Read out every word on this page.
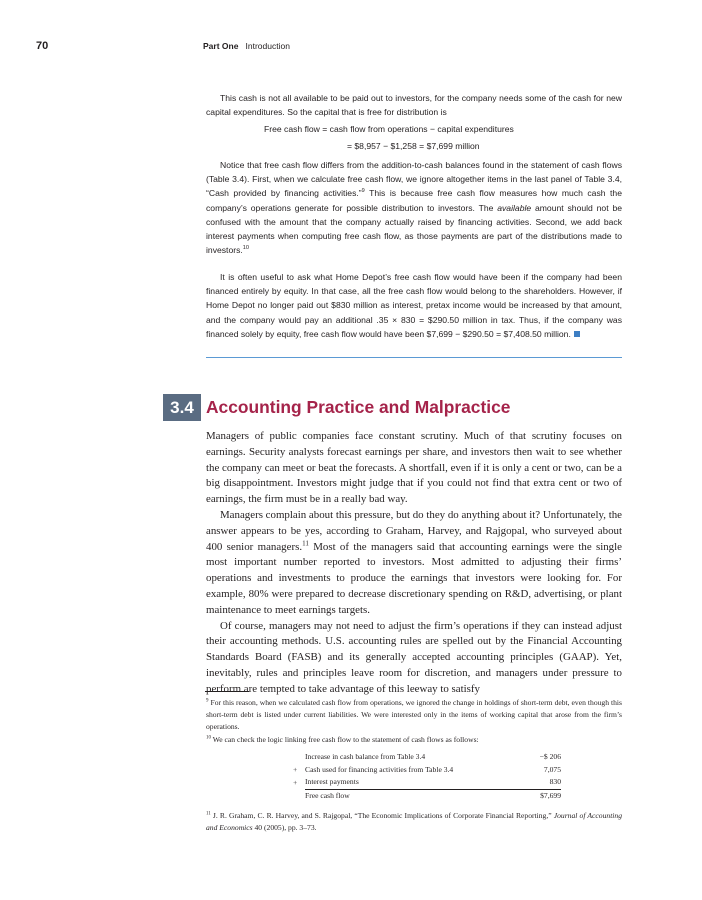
70	Part One Introduction
This cash is not all available to be paid out to investors, for the company needs some of the cash for new capital expenditures. So the capital that is free for distribution is
Free cash flow = cash flow from operations − capital expenditures
= $8,957 − $1,258 = $7,699 million
Notice that free cash flow differs from the addition-to-cash balances found in the statement of cash flows (Table 3.4). First, when we calculate free cash flow, we ignore altogether items in the last panel of Table 3.4, “Cash provided by financing activities.”$^9$ This is because free cash flow measures how much cash the company’s operations generate for possible distribution to investors. The available amount should not be confused with the amount that the company actually raised by financing activities. Second, we add back interest payments when computing free cash flow, as those payments are part of the distributions made to investors.$^{10}$
It is often useful to ask what Home Depot’s free cash flow would have been if the company had been financed entirely by equity. In that case, all the free cash flow would belong to the shareholders. However, if Home Depot no longer paid out $830 million as interest, pretax income would be increased by that amount, and the company would pay an additional .35 × 830 = $290.50 million in tax. Thus, if the company was financed solely by equity, free cash flow would have been $7,699 − $290.50 = $7,408.50 million.
3.4 Accounting Practice and Malpractice
Managers of public companies face constant scrutiny. Much of that scrutiny focuses on earnings. Security analysts forecast earnings per share, and investors then wait to see whether the company can meet or beat the forecasts. A shortfall, even if it is only a cent or two, can be a big disappointment. Investors might judge that if you could not find that extra cent or two of earnings, the firm must be in a really bad way.
Managers complain about this pressure, but do they do anything about it? Unfortunately, the answer appears to be yes, according to Graham, Harvey, and Rajgopal, who surveyed about 400 senior managers.$^{11}$ Most of the managers said that accounting earnings were the single most important number reported to investors. Most admitted to adjusting their firms’ operations and investments to produce the earnings that investors were looking for. For example, 80% were prepared to decrease discretionary spending on R&D, advertising, or plant maintenance to meet earnings targets.
Of course, managers may not need to adjust the firm’s operations if they can instead adjust their accounting methods. U.S. accounting rules are spelled out by the Financial Accounting Standards Board (FASB) and its generally accepted accounting principles (GAAP). Yet, inevitably, rules and principles leave room for discretion, and managers under pressure to perform are tempted to take advantage of this leeway to satisfy
$^9$ For this reason, when we calculated cash flow from operations, we ignored the change in holdings of short-term debt, even though this short-term debt is listed under current liabilities. We were interested only in the items of working capital that arose from the firm’s operations.
$^{10}$ We can check the logic linking free cash flow to the statement of cash flows as follows:
	Increase in cash balance from Table 3.4	−$ 206
+	Cash used for financing activities from Table 3.4	7,075
+	Interest payments	830
	Free cash flow	$7,699
$^{11}$ J. R. Graham, C. R. Harvey, and S. Rajgopal, “The Economic Implications of Corporate Financial Reporting,” Journal of Accounting and Economics 40 (2005), pp. 3–73.
